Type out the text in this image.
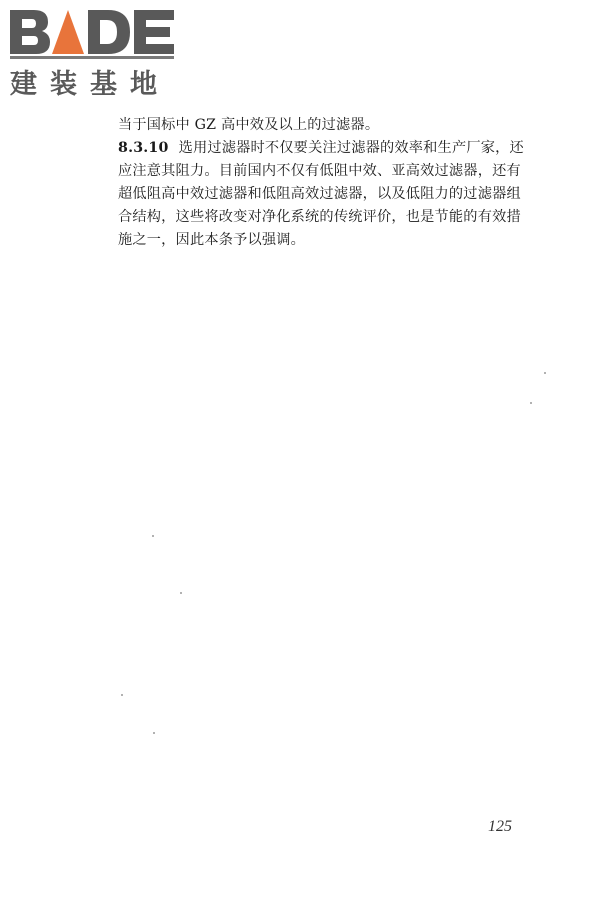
建装基地
当于国标中 GZ 高中效及以上的过滤器。
8.3.10 选用过滤器时不仅要关注过滤器的效率和生产厂家，还
应注意其阻力。目前国内不仅有低阻中效、亚高效过滤器，还有
超低阻高中效过滤器和低阻高效过滤器，以及低阻力的过滤器组
合结构，这些将改变对净化系统的传统评价，也是节能的有效措
施之一，因此本条予以强调。
125
